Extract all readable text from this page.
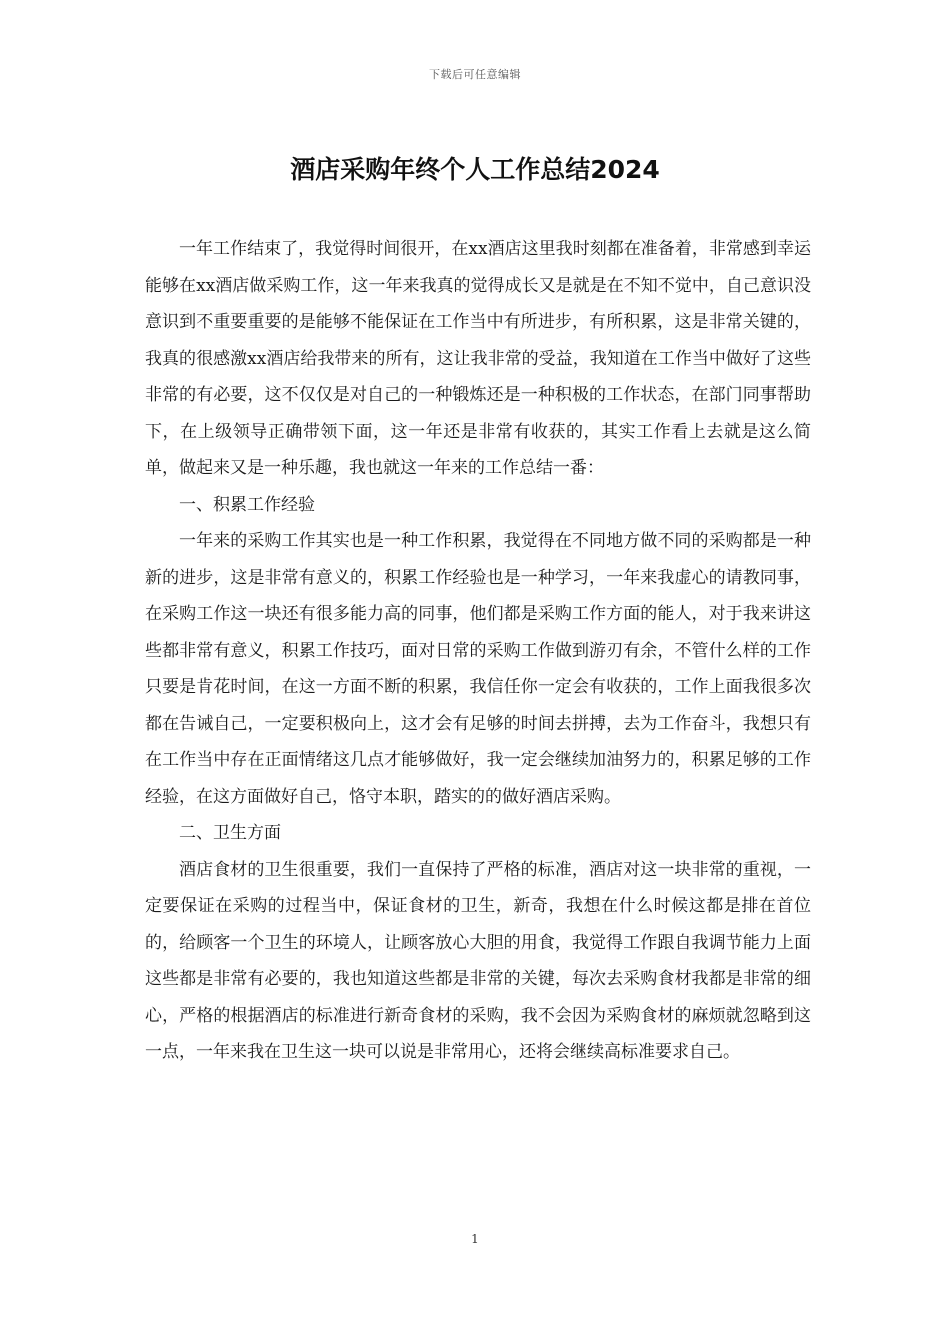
下载后可任意编辑
酒店采购年终个人工作总结2024

一年工作结束了，我觉得时间很开，在xx酒店这里我时刻都在准备着，非常感到幸运能够在xx酒店做采购工作，这一年来我真的觉得成长又是就是在不知不觉中，自己意识没意识到不重要重要的是能够不能保证在工作当中有所进步，有所积累，这是非常关键的，我真的很感激xx酒店给我带来的所有，这让我非常的受益，我知道在工作当中做好了这些非常的有必要，这不仅仅是对自己的一种锻炼还是一种积极的工作状态，在部门同事帮助下，在上级领导正确带领下面，这一年还是非常有收获的，其实工作看上去就是这么简单，做起来又是一种乐趣，我也就这一年来的工作总结一番：

一、积累工作经验

一年来的采购工作其实也是一种工作积累，我觉得在不同地方做不同的采购都是一种新的进步，这是非常有意义的，积累工作经验也是一种学习，一年来我虚心的请教同事，在采购工作这一块还有很多能力高的同事，他们都是采购工作方面的能人，对于我来讲这些都非常有意义，积累工作技巧，面对日常的采购工作做到游刃有余，不管什么样的工作只要是肯花时间，在这一方面不断的积累，我信任你一定会有收获的，工作上面我很多次都在告诫自己，一定要积极向上，这才会有足够的时间去拼搏，去为工作奋斗，我想只有在工作当中存在正面情绪这几点才能够做好，我一定会继续加油努力的，积累足够的工作经验，在这方面做好自己，恪守本职，踏实的的做好酒店采购。

二、卫生方面

酒店食材的卫生很重要，我们一直保持了严格的标准，酒店对这一块非常的重视，一定要保证在采购的过程当中，保证食材的卫生，新奇，我想在什么时候这都是排在首位的，给顾客一个卫生的环境人，让顾客放心大胆的用食，我觉得工作跟自我调节能力上面这些都是非常有必要的，我也知道这些都是非常的关键，每次去采购食材我都是非常的细心，严格的根据酒店的标准进行新奇食材的采购，我不会因为采购食材的麻烦就忽略到这一点，一年来我在卫生这一块可以说是非常用心，还将会继续高标准要求自己。

1
